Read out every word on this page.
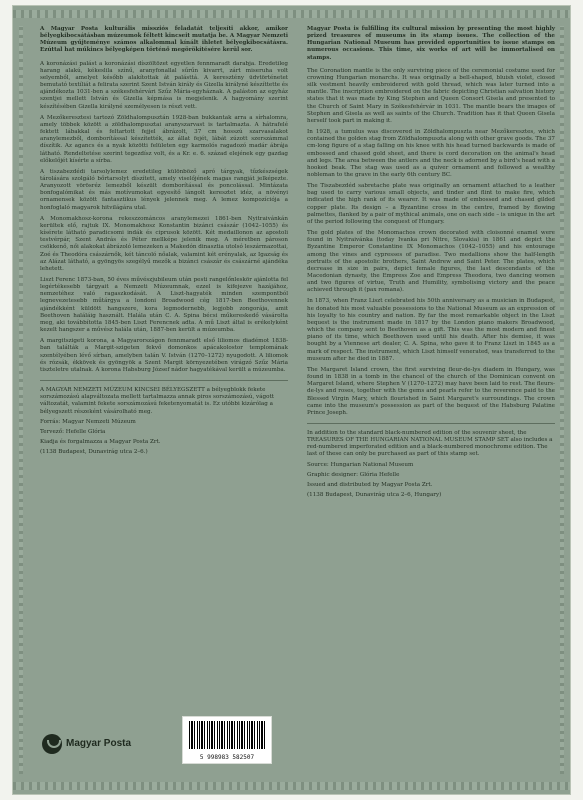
A Magyar Posta kulturális missziós feladatát teljesíti akkor, amikor bélyegkibocsátásban múzeumok féltett kincseit mutatja be. A Magyar Nemzeti Múzeum gyűjteménye számos alkalommal kínált ihletet bélyegkibocsátásra. Ezúttal hat műkincs bélyegképen történő megörökítésére kerül sor.

A koronázási palást a koronázási díszöltözet egyetlen fennmaradt darabja. Eredetileg harang alakú, kékeslila színű, aranyfonallal sűrűn kivarrt, zárt miseruha volt selyemből, amelyet később alakítottak át palásttá. A keresztény üdvtörténetet bemutató textíliát a felirata szerint Szent István király és Gizella királyné készíttette és ajándékozta 1031-ben a székesfehérvári Szűz Mária-egyháznak. A paláston az egyház szentjei mellett István és Gizella képmása is megjelenik. A hagyomány szerint készítésében Gizella királyné személyesen is részt vett.

A Mezőkeresztesi tartozó Zöldhalompusztán 1928-ban bukkantak arra a sírhalomra, amely többek között a zöldhalompusztai aranyszarvast is tartalmazta. A hátrafelé fektett lábakkal és feltartott fejjel ábrázolt, 37 cm hosszú szarvasalakot aranylemezből, domborítással készítették, az állat fejét, lábát zúzott szerszámmal díszítik. Az agancs és a nyak közötti felületen egy karmolós ragadozó madár ábrája látható. Rendeltetése szerint tegezdísz volt, és a Kr. e. 6. század elejének egy gazdag előkelőjét kísérte a sírba.

A tiszabezdédi tarsolylemez eredetileg különböző apró tárgyak, tűzkészségek tárolására szolgáló bőrtarsolyt díszített, amely viselőjének magas rangját jelképezte. Aranyozott vörösréz lemezből készült domborítással és poncolással. Mintázata bonfogalómikat és más motívumokat egyesítő lángolt keresztet idéz, a növényi ornamensek között fantasztikus lények jelennek meg. A lemez kompozíciója a honfoglaló magyarok hitvilágára utal.

A Monomakhosz-korona rekeszzománcos aranylemezei 1861-ben Nyitraivánkán kerültek elő, rajtuk IX. Monomakhosz Konstantin bizánci császár (1042–1055) és kísérete látható paradicsomi indák és ciprusok között. Két medaillonon az apostoli testvérpár, Szent András és Péter mellképe jelenik meg. A méretben pároson csökkenő, női alakokat ábrázoló lemezeken a Makedón dinasztia utolsó leszármazottai, Zoé és Theodóra császárnők, két táncoló nőalak, valamint két erényalak, az Igazság és az Alázat látható, a gyöngyös szegélyű mezők a bizánci császár és császárné ajándéka lehetett.

Liszt Ferenc 1873-ban, 50 éves művészjubileum után pesti rangelőnleskör ajánlotta fel legértékesebb tárgyait a Nemzeti Múzeumnak, ezzel is kifejezve hazájához, nemzetéhez való ragaszkodását. A Liszt-hagyaték minden szempontból legnevezetesebb műtárgya a londoni Broadwood cég 1817-ben Beethovennek ajándékként küldött hangszere, kora legmodernebb, legjobb zongorája, amit Beethoven haláláig használt. Halála után C. A. Spina bécsi műkereskedő vásárolta meg, aki továbbította 1845-ben Liszt Ferencnek adta. A mű Liszt által is erékelyként kezelt hangszer a művész halála után, 1887-ben került a múzeumba.

A margitszigeti korona, a Magyarországon fennmaradt első liliomos diadémot 1838-ban találták a Margit-szigeten fekvő domonkos apácakolostor templomának szentélyében lévő sírban, amelyben talán V. István (1270–1272) nyugodott. A liliomok és rózsák, ékkövek és gyöngyök a Szent Margit környezetében virágzó Szűz Mária tiszteletre utalnak. A korona Habsburg József nádor hagyatékával került a múzeumba.

A MAGYAR NEMZETI MÚZEUM KINCSEI BÉLYEGSZETT a bélyegblokk fekete sorszámozású alapváltozata mellett tartalmazza annak piros sorszámozású, vágott változatát, valamint fekete sorszámozású feketenyomatát is. Ez utóbbi kizárólag a bélyegszett részeként vásárolható meg.

Forrás: Magyar Nemzeti Múzeum

Tervező: Hefelle Glória

Kiadja és forgalmazza a Magyar Posta Zrt.

(1138 Budapest, Dunavirág utca 2–6.)

Magyar Posta
5 998983 582507

Magyar Posta is fulfilling its cultural mission by presenting the most highly prized treasures of museums in its stamp issues. The collection of the Hungarian National Museum has provided opportunities to issue stamps on numerous occasions. This time, six works of art will be immortalised on stamps.

The Coronation mantle is the only surviving piece of the ceremonial costume used for crowning Hungarian monarchs. It was originally a bell-shaped, bluish violet, closed silk vestment heavily embroidered with gold thread, which was later turned into a mantle. The inscription embroidered on the fabric depicting Christian salvation history states that it was made by King Stephen and Queen Consort Gisela and presented to the Church of Saint Mary in Székesfehérvár in 1031. The mantle bears the images of Stephen and Gisela as well as saints of the Church. Tradition has it that Queen Gisela herself took part in making it.

In 1928, a tumulus was discovered in Zöldhalompuszta near Mezőkeresztes, which contained the golden stag from Zöldhalompuszta along with other grave goods. The 37 cm-long figure of a stag falling on his knee with his head turned backwards is made of embossed and chased gold sheet, and there is cord decoration on the animal's head and legs. The area between the antlers and the neck is adorned by a bird's head with a hooked beak. The stag was used as a quiver ornament and followed a wealthy nobleman to the grave in the early 6th century BC.

The Tiszabezdéd sabretache plate was originally an ornament attached to a leather bag used to carry various small objects, and tinder and flint to make fire, which indicated the high rank of its wearer. It was made of embossed and chased gilded copper plate. Its design – a Byzantine cross in the centre, framed by flowing palmettes, flanked by a pair of mythical animals, one on each side – is unique in the art of the period following the conquest of Hungary.

The gold plates of the Monomachos crown decorated with cloisonné enamel were found in Nyitraivánka (today Ivanka pri Nitre, Slovakia) in 1861 and depict the Byzantine Emperor Constantine IX Monomachos (1042–1055) and his entourage among the vines and cypresses of paradise. Two medallions show the half-length portraits of the apostolic brothers, Saint Andrew and Saint Peter. The plates, which decrease in size in pairs, depict female figures, the last descendants of the Macedonian dynasty, the Empress Zoe and Empress Theodora, two dancing women and two figures of virtue, Truth and Humility, symbolising victory and the peace achieved through it (pax romana).

In 1873, when Franz Liszt celebrated his 50th anniversary as a musician in Budapest, he donated his most valuable possessions to the National Museum as an expression of his loyalty to his country and nation. By far the most remarkable object in the Liszt bequest is the instrument made in 1817 by the London piano makers Broadwood, which the company sent to Beethoven as a gift. This was the most modern and finest piano of its time, which Beethoven used until his death. After his demise, it was bought by a Viennese art dealer, C. A. Spina, who gave it to Franz Liszt in 1845 as a mark of respect. The instrument, which Liszt himself venerated, was transferred to the museum after he died in 1887.

The Margaret Island crown, the first surviving fleur-de-lys diadem in Hungary, was found in 1838 in a tomb in the chancel of the church of the Dominican convent on Margaret Island, where Stephen V (1270–1272) may have been laid to rest. The fleurs-de-lys and roses, together with the gems and pearls refer to the reverence paid to the Blessed Virgin Mary, which flourished in Saint Margaret's surroundings. The crown came into the museum's possession as part of the bequest of the Habsburg Palatine Prince Joseph.

In addition to the standard black-numbered edition of the souvenir sheet, the TREASURES OF THE HUNGARIAN NATIONAL MUSEUM STAMP SET also includes a red-numbered imperforated edition and a black-numbered monochrome edition. The last of these can only be purchased as part of this stamp set.

Source: Hungarian National Museum

Graphic designer: Glória Hefelle

Issued and distributed by Magyar Posta Zrt.

(1138 Budapest, Dunavirág utca 2–6, Hungary)
